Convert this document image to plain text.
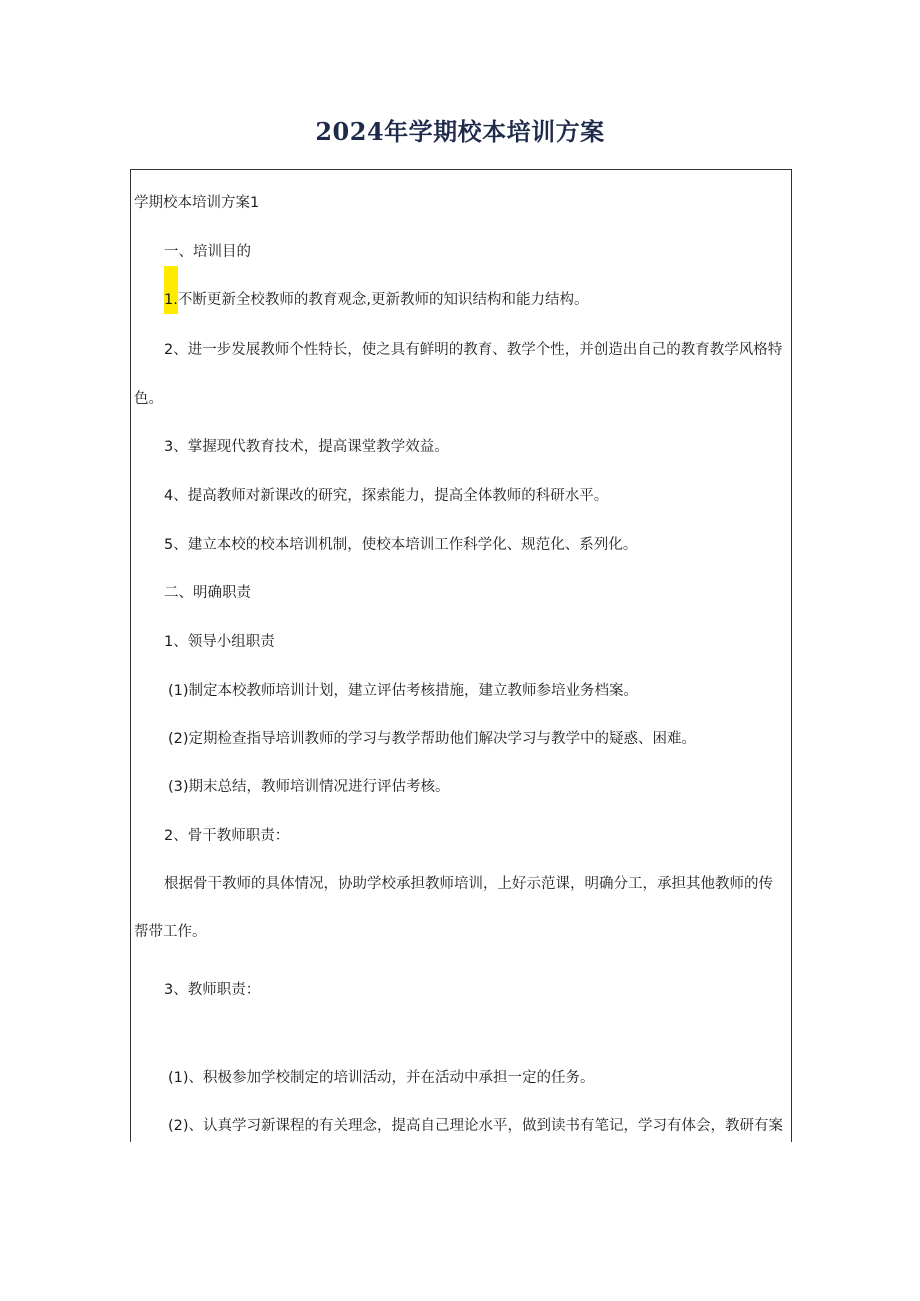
2024年学期校本培训方案
学期校本培训方案1
一、培训目的
1.不断更新全校教师的教育观念,更新教师的知识结构和能力结构。
2、进一步发展教师个性特长，使之具有鲜明的教育、教学个性，并创造出自己的教育教学风格特
色。
3、掌握现代教育技术，提高课堂教学效益。
4、提高教师对新课改的研究，探索能力，提高全体教师的科研水平。
5、建立本校的校本培训机制，使校本培训工作科学化、规范化、系列化。
二、明确职责
1、领导小组职责
(1)制定本校教师培训计划，建立评估考核措施，建立教师参培业务档案。
(2)定期检查指导培训教师的学习与教学帮助他们解决学习与教学中的疑惑、困难。
(3)期末总结，教师培训情况进行评估考核。
2、骨干教师职责：
根据骨干教师的具体情况，协助学校承担教师培训，上好示范课，明确分工，承担其他教师的传
帮带工作。
3、教师职责：
(1)、积极参加学校制定的培训活动，并在活动中承担一定的任务。
(2)、认真学习新课程的有关理念，提高自己理论水平，做到读书有笔记，学习有体会，教研有案
